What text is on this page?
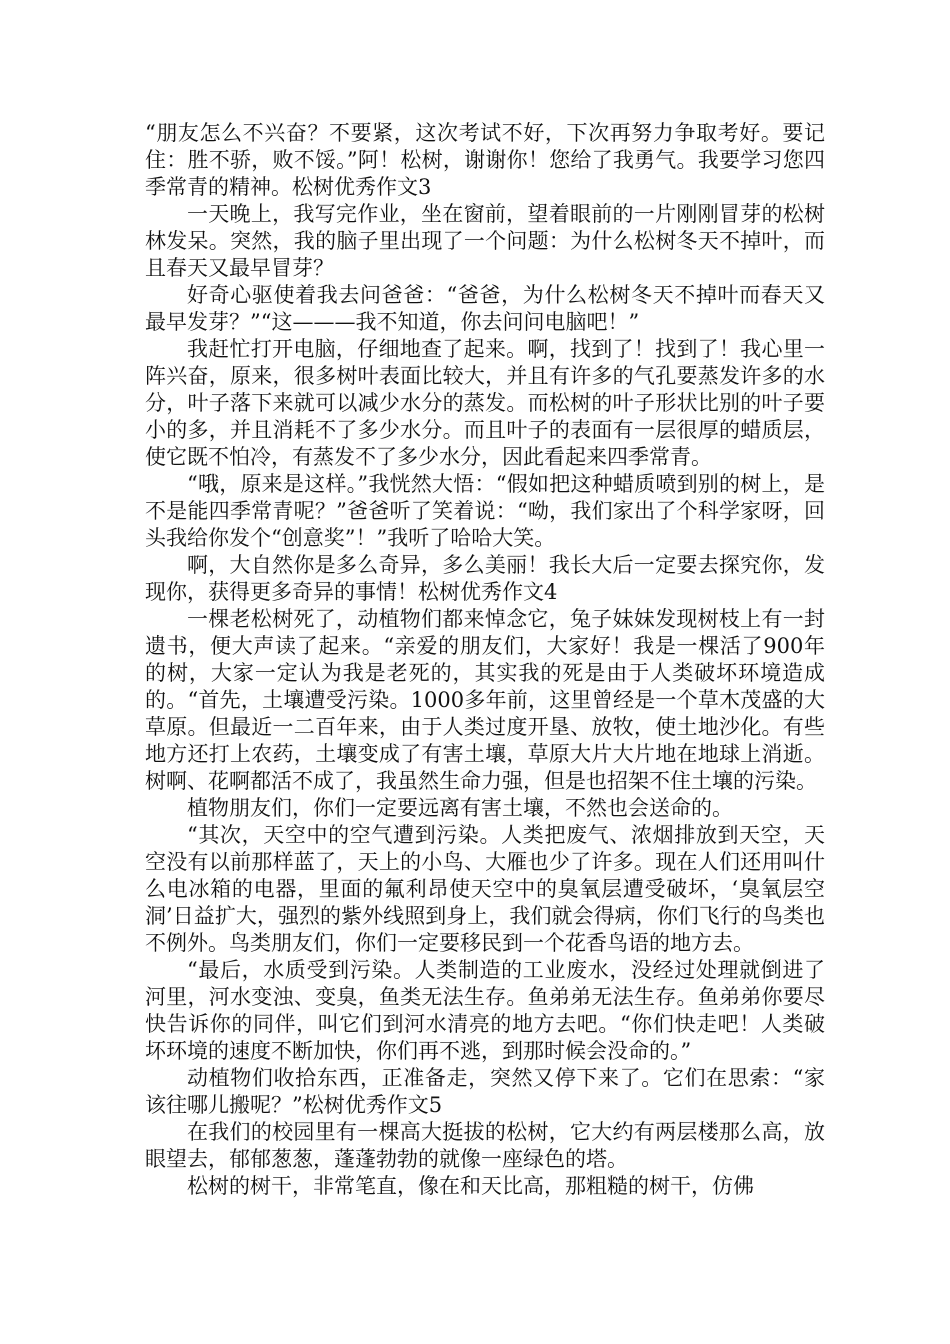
“朋友怎么不兴奋？不要紧，这次考试不好，下次再努力争取考好。要记住：胜不骄，败不馁。”阿！松树，谢谢你！您给了我勇气。我要学习您四季常青的精神。松树优秀作文3

一天晚上，我写完作业，坐在窗前，望着眼前的一片刚刚冒芽的松树林发呆。突然，我的脑子里出现了一个问题：为什么松树冬天不掉叶，而且春天又最早冒芽？

好奇心驱使着我去问爸爸：“爸爸，为什么松树冬天不掉叶而春天又最早发芽？”“这———我不知道，你去问问电脑吧！”

我赶忙打开电脑，仔细地查了起来。啊，找到了！找到了！我心里一阵兴奋，原来，很多树叶表面比较大，并且有许多的气孔要蒸发许多的水分，叶子落下来就可以减少水分的蒸发。而松树的叶子形状比别的叶子要小的多，并且消耗不了多少水分。而且叶子的表面有一层很厚的蜡质层，使它既不怕冷，有蒸发不了多少水分，因此看起来四季常青。

“哦，原来是这样。”我恍然大悟：“假如把这种蜡质喷到别的树上，是不是能四季常青呢？”爸爸听了笑着说：“呦，我们家出了个科学家呀，回头我给你发个“创意奖”！”我听了哈哈大笑。

啊，大自然你是多么奇异，多么美丽！我长大后一定要去探究你，发现你，获得更多奇异的事情！松树优秀作文4

一棵老松树死了，动植物们都来悼念它，兔子妹妹发现树枝上有一封遗书，便大声读了起来。“亲爱的朋友们，大家好！我是一棵活了900年的树，大家一定认为我是老死的，其实我的死是由于人类破坏环境造成的。“首先，土壤遭受污染。1000多年前，这里曾经是一个草木茂盛的大草原。但最近一二百年来，由于人类过度开垦、放牧，使土地沙化。有些地方还打上农药，土壤变成了有害土壤，草原大片大片地在地球上消逝。树啊、花啊都活不成了，我虽然生命力强，但是也招架不住土壤的污染。

植物朋友们，你们一定要远离有害土壤，不然也会送命的。

“其次，天空中的空气遭到污染。人类把废气、浓烟排放到天空，天空没有以前那样蓝了，天上的小鸟、大雁也少了许多。现在人们还用叫什么电冰箱的电器，里面的氟利昂使天空中的臭氧层遭受破坏，‘臭氧层空洞’日益扩大，强烈的紫外线照到身上，我们就会得病，你们飞行的鸟类也不例外。鸟类朋友们，你们一定要移民到一个花香鸟语的地方去。

“最后，水质受到污染。人类制造的工业废水，没经过处理就倒进了河里，河水变浊、变臭，鱼类无法生存。鱼弟弟无法生存。鱼弟弟你要尽快告诉你的同伴，叫它们到河水清亮的地方去吧。“你们快走吧！人类破坏环境的速度不断加快，你们再不逃，到那时候会没命的。”

动植物们收拾东西，正准备走，突然又停下来了。它们在思索：“家该往哪儿搬呢？”松树优秀作文5

在我们的校园里有一棵高大挺拔的松树，它大约有两层楼那么高，放眼望去，郁郁葱葱，蓬蓬勃勃的就像一座绿色的塔。

松树的树干，非常笔直，像在和天比高，那粗糙的树干，仿佛
